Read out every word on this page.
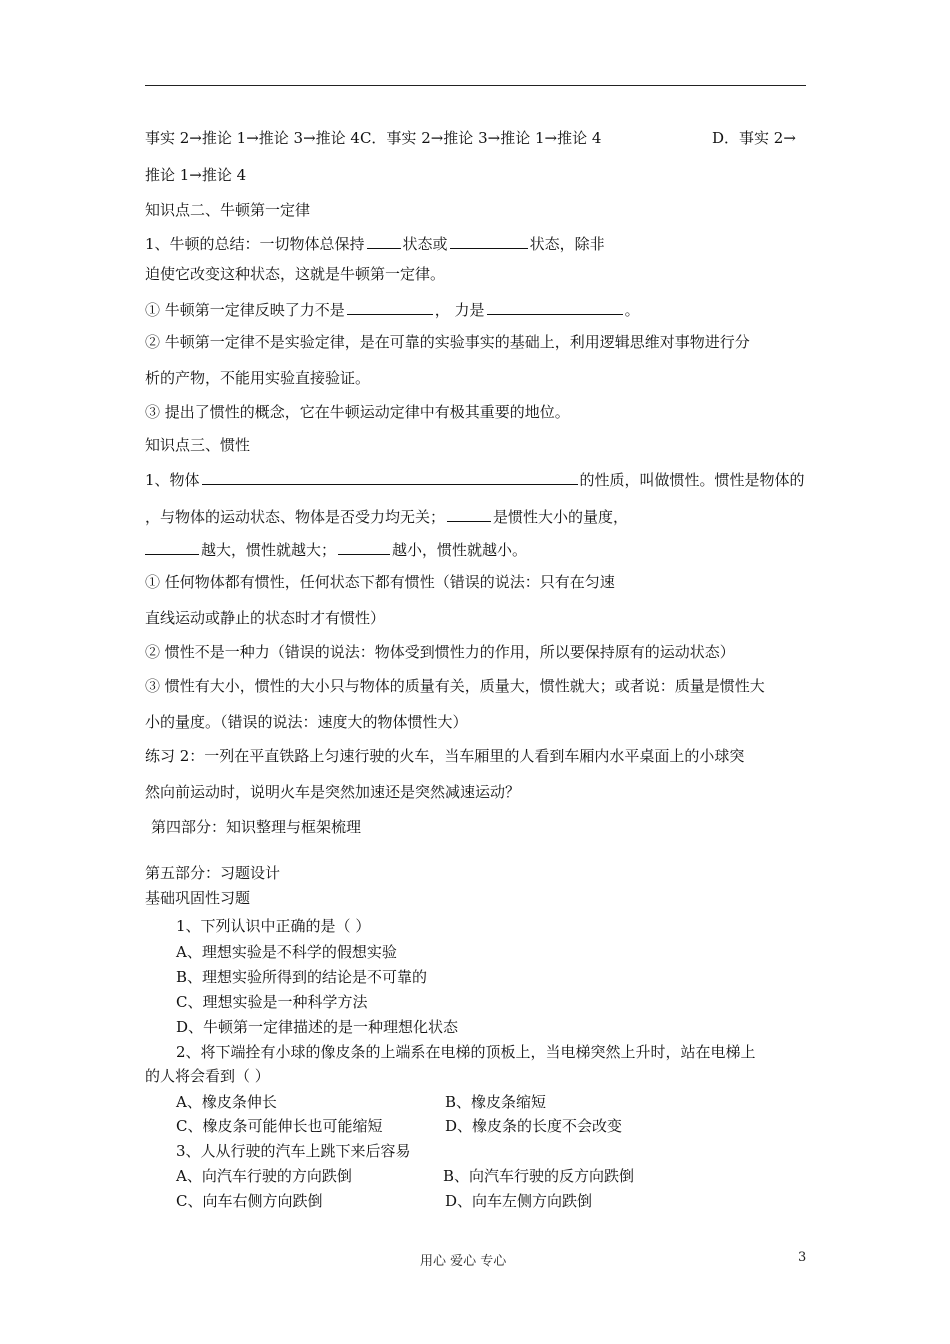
事实 2→推论 1→推论 3→推论 4C．事实 2→推论 3→推论 1→推论 4	D．事实 2→
推论 1→推论 4
知识点二、牛顿第一定律
1、牛顿的总结：一切物体总保持	状态或	状态，除非
迫使它改变这种状态，这就是牛顿第一定律。
① 牛顿第一定律反映了力不是	， 力是	。
② 牛顿第一定律不是实验定律，是在可靠的实验事实的基础上，利用逻辑思维对事物进行分
析的产物，不能用实验直接验证。
③ 提出了惯性的概念，它在牛顿运动定律中有极其重要的地位。
知识点三、惯性
1、物体	的性质，叫做惯性。惯性是物体的
，与物体的运动状态、物体是否受力均无关；	是惯性大小的量度，
越大，惯性就越大；	越小，惯性就越小。
① 任何物体都有惯性，任何状态下都有惯性（错误的说法：只有在匀速
直线运动或静止的状态时才有惯性）
② 惯性不是一种力（错误的说法：物体受到惯性力的作用，所以要保持原有的运动状态）
③ 惯性有大小，惯性的大小只与物体的质量有关，质量大，惯性就大；或者说：质量是惯性大
小的量度。（错误的说法：速度大的物体惯性大）
练习 2：一列在平直铁路上匀速行驶的火车，当车厢里的人看到车厢内水平桌面上的小球突
然向前运动时，说明火车是突然加速还是突然减速运动？
第四部分：知识整理与框架梳理
第五部分：习题设计
基础巩固性习题
1、下列认识中正确的是（ ）
A、理想实验是不科学的假想实验
B、理想实验所得到的结论是不可靠的
C、理想实验是一种科学方法
D、牛顿第一定律描述的是一种理想化状态
2、将下端拴有小球的像皮条的上端系在电梯的顶板上，当电梯突然上升时，站在电梯上
的人将会看到（ ）
A、橡皮条伸长	B、橡皮条缩短
C、橡皮条可能伸长也可能缩短	D、橡皮条的长度不会改变
3、人从行驶的汽车上跳下来后容易
A、向汽车行驶的方向跌倒	B、向汽车行驶的反方向跌倒
C、向车右侧方向跌倒	D、向车左侧方向跌倒
用心 爱心 专心	3
